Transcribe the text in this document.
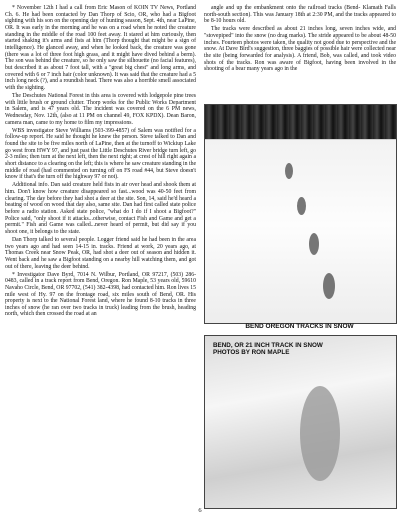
* November 12th I had a call from Eric Mason of KOIN TV News, Portland Ch. 6. He had been contacted by Dan Thorp of Scio, OR, who had a Bigfoot sighting with his son on the opening day of hunting season, Sept. 4th, near LaPine, OR. It was early in the morning and he was on a road when he noted the creature standing in the middle of the road 100 feet away. It stared at him curiously, then started shaking it's arms and fists at him (Thorp thought that might be a sign of intelligence). He glanced away, and when he looked back, the creature was gone (there was a lot of three foot high grass, and it might have dived behind a berm). The son was behind the creature, so he only saw the silhouette (no facial features), but described it as about 7 foot tall, with a "great big chest" and long arms, and covered with 6 or 7 inch hair (color unknown). It was said that the creature had a 5 inch long neck (?), and a roundish head. There was also a horrible smell associated with the sighting.

The Deschutes National Forest in this area is covered with lodgepole pine trees with little brush or ground clutter. Thorp works for the Public Works Department in Salem, and is 47 years old. The incident was covered on the 6 PM news, Wednesday, Nov. 12th, (also at 11 PM on channel 49, FOX KPDX). Dean Baron, camera man, came to my home to film my impressions.

WBS investigator Steve Williams (503-399-4857) of Salem was notified for a follow-up report. He said he thought he knew the person. Steve talked to Dan and found the site to be five miles north of LaPine, then at the turnoff to Wickiup Lake go west from HWY 97, and just past the Little Deschutes River bridge turn left, go 2-3 miles; then turn at the next left, then the next right; at crest of hill right again a short distance to a clearing on the left; this is where he saw creature standing in the middle of road (had commented on turning off on FS road #44, but Steve doesn't know if that's the turn off the highway 97 or not).

Additional info. Dan said creature held fists in air over head and shook them at him. Don't know how creature disappeared so fast...wood was 40-50 feet from clearing. The day before they had shot a deer at the site. Son, 14, said he'd heard a beating of wood on wood that day also, same site. Dan had first called state police before a radio station. Asked state police, "what do I do if I shoot a Bigfoot?" Police said, "only shoot if it attacks...otherwise, contact Fish and Game and get a permit." Fish and Game was called...never heard of permit, but did say if you shoot one, it belongs to the state.

Dan Thorp talked to several people. Logger friend said he had been in the area two years ago and had seen 14-15 in. tracks. Friend at work, 20 years ago, at Thomas Creek near Snow Peak, OR, had shot a deer out of season and hidden it. Went back and he saw a Bigfoot standing on a nearby hill watching them, and got out of there, leaving the deer behind.

* Investigator Dave Byrd, 7014 N. Wilbur, Portland, OR 97217, (503) 286-0483, called in a track report from Bend, Oregon. Ron Maple, 53 years old, 59610 Navaho Circle, Bend, OR 97702, (541) 382-4398, had contacted him. Ron lives 15 mile west of Hy. 97 on the frontage road, six miles south of Bend, OR. His property is next to the National Forest land, where he found 8-10 tracks in three inches of snow (he ran over two tracks in truck) leading from the brush, heading north, which then crossed the road at an

angle and up the embankment onto the railroad tracks (Bend- Klamath Falls north-south section). This was January 18th at 2:30 PM, and the tracks appeared to be 8-10 hours old.

The tracks were described as about 21 inches long, seven inches wide, and "stovepiped" into the snow (no drag marks). The stride appeared to be about 48-50 inches. Fourteen photos were taken, the quality not good due to perspective and the snow. At Dave Bird's suggestion, three baggies of possible hair were collected near the site (being forwarded for analysis). A friend, Bob, was called, and took video shots of the tracks. Ron was aware of Bigfoot, having been involved in the shooting of a bear many years ago in the

BEND OREGON TRACKS IN SNOW
BEND, OR 21 INCH TRACK IN SNOW PHOTOS BY RON MAPLE
6
